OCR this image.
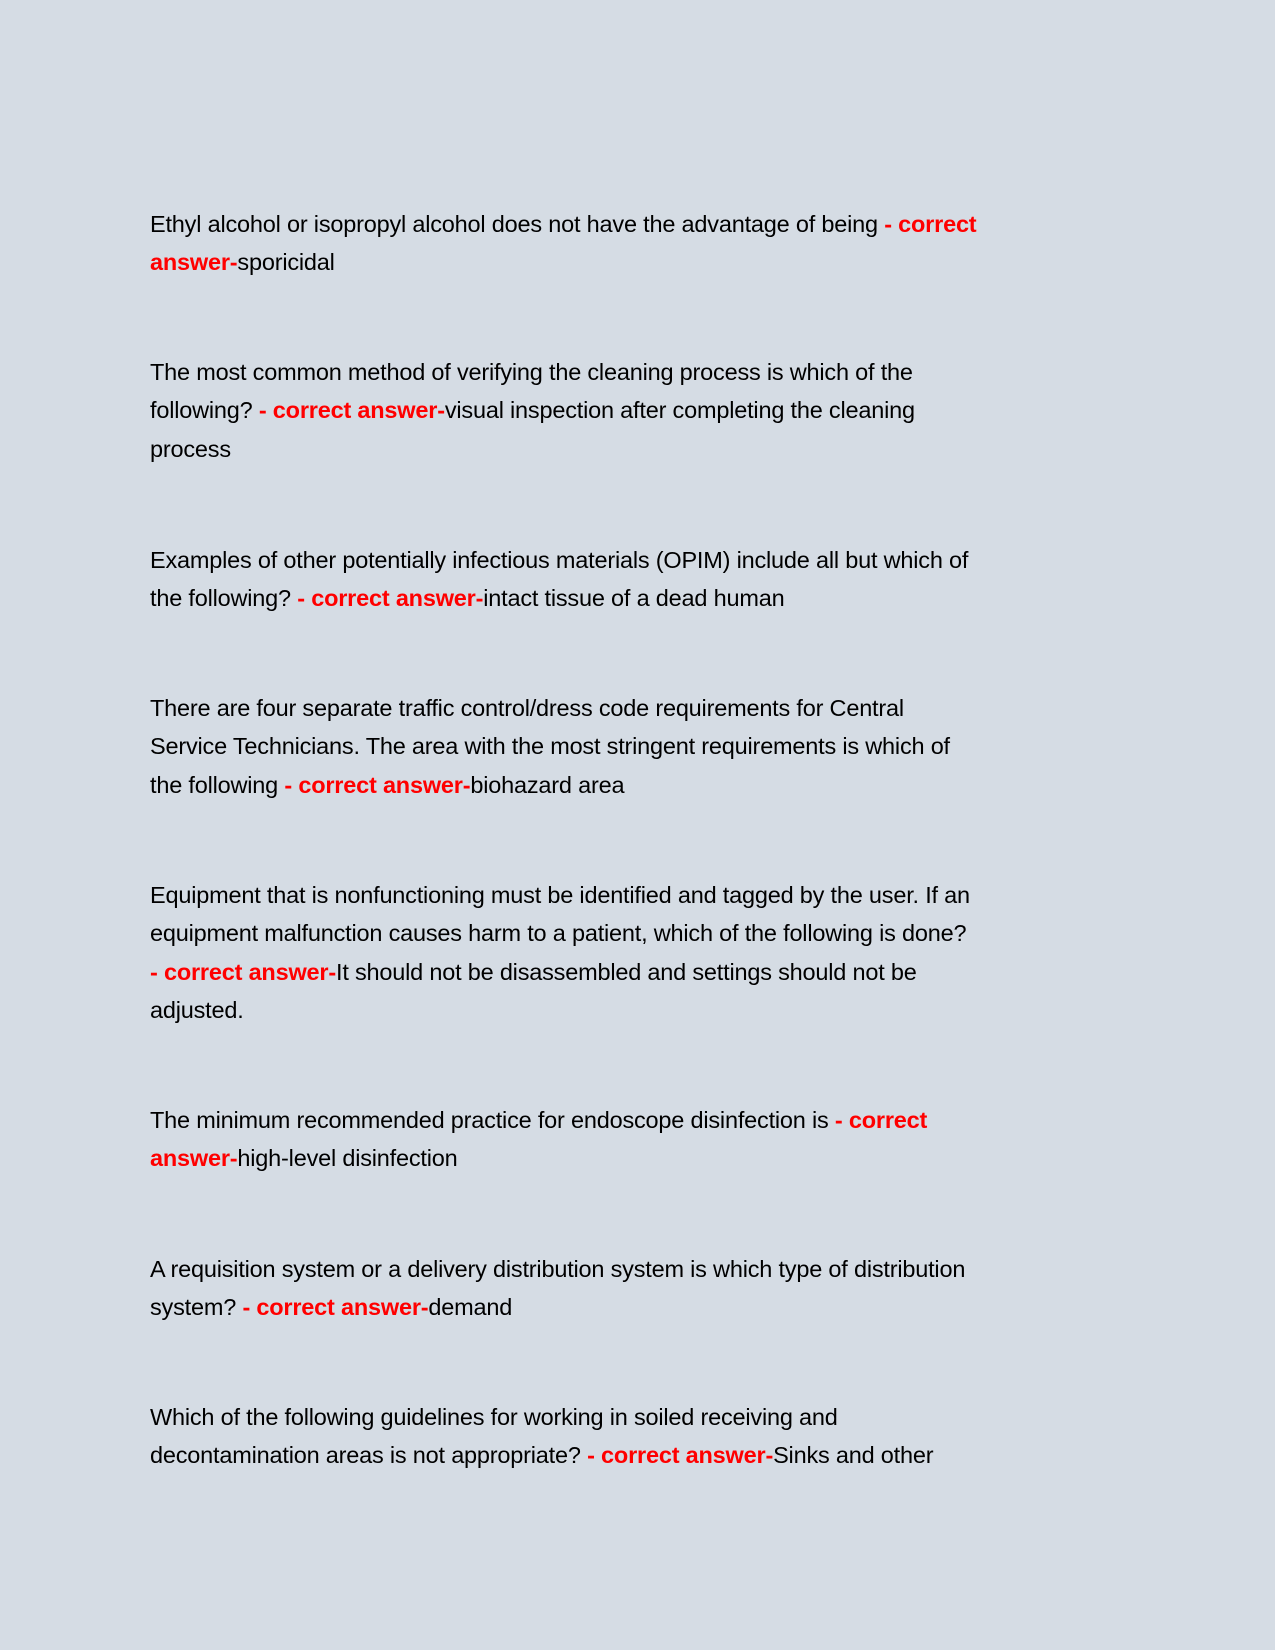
Ethyl alcohol or isopropyl alcohol does not have the advantage of being - correct
answer-sporicidal
The most common method of verifying the cleaning process is which of the
following? - correct answer-visual inspection after completing the cleaning
process
Examples of other potentially infectious materials (OPIM) include all but which of
the following? - correct answer-intact tissue of a dead human
There are four separate traffic control/dress code requirements for Central
Service Technicians. The area with the most stringent requirements is which of
the following - correct answer-biohazard area
Equipment that is nonfunctioning must be identified and tagged by the user. If an
equipment malfunction causes harm to a patient, which of the following is done?
- correct answer-It should not be disassembled and settings should not be
adjusted.
The minimum recommended practice for endoscope disinfection is - correct
answer-high-level disinfection
A requisition system or a delivery distribution system is which type of distribution
system? - correct answer-demand
Which of the following guidelines for working in soiled receiving and
decontamination areas is not appropriate? - correct answer-Sinks and other
